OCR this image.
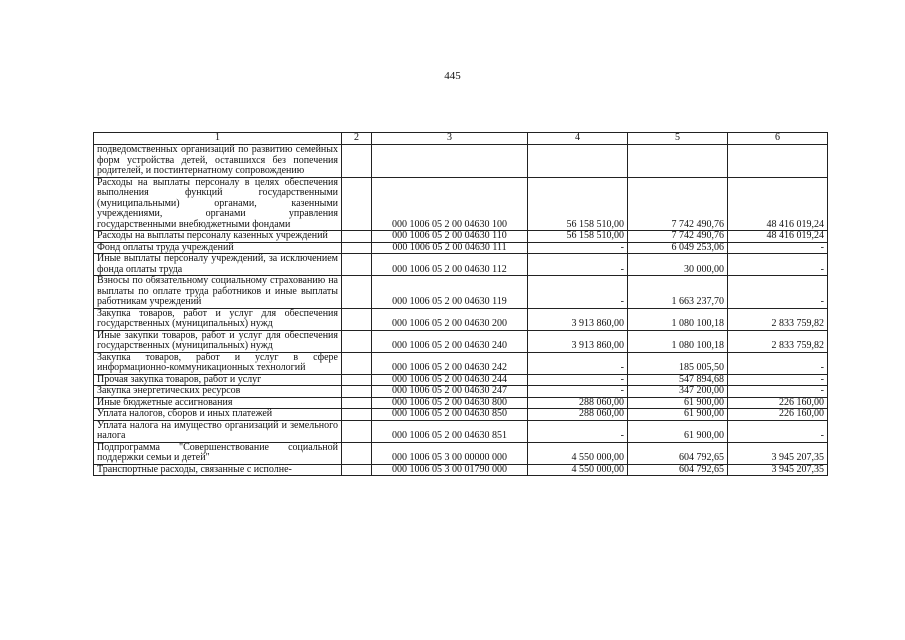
445
1	2	3	4	5	6
подведомственных организаций по развитию семейных форм устройства детей, оставшихся без попечения родителей, и постинтернатному сопровождению					
Расходы на выплаты персоналу в целях обеспечения выполнения функций государственными (муниципальными) органами, казенными учреждениями, органами управления государственными внебюджетными фондами		000 1006 05 2 00 04630 100	56 158 510,00	7 742 490,76	48 416 019,24
Расходы на выплаты персоналу казенных учреждений		000 1006 05 2 00 04630 110	56 158 510,00	7 742 490,76	48 416 019,24
Фонд оплаты труда учреждений		000 1006 05 2 00 04630 111	-	6 049 253,06	-
Иные выплаты персоналу учреждений, за исключением фонда оплаты труда		000 1006 05 2 00 04630 112	-	30 000,00	-
Взносы по обязательному социальному страхованию на выплаты по оплате труда работников и иные выплаты работникам учреждений		000 1006 05 2 00 04630 119	-	1 663 237,70	-
Закупка товаров, работ и услуг для обеспечения государственных (муниципальных) нужд		000 1006 05 2 00 04630 200	3 913 860,00	1 080 100,18	2 833 759,82
Иные закупки товаров, работ и услуг для обеспечения государственных (муниципальных) нужд		000 1006 05 2 00 04630 240	3 913 860,00	1 080 100,18	2 833 759,82
Закупка товаров, работ и услуг в сфере информационно-коммуникационных технологий		000 1006 05 2 00 04630 242	-	185 005,50	-
Прочая закупка товаров, работ и услуг		000 1006 05 2 00 04630 244	-	547 894,68	-
Закупка энергетических ресурсов		000 1006 05 2 00 04630 247	-	347 200,00	-
Иные бюджетные ассигнования		000 1006 05 2 00 04630 800	288 060,00	61 900,00	226 160,00
Уплата налогов, сборов и иных платежей		000 1006 05 2 00 04630 850	288 060,00	61 900,00	226 160,00
Уплата налога на имущество организаций и земельного налога		000 1006 05 2 00 04630 851	-	61 900,00	-
Подпрограмма "Совершенствование социальной поддержки семьи и детей"		000 1006 05 3 00 00000 000	4 550 000,00	604 792,65	3 945 207,35
Транспортные расходы, связанные с исполне-		000 1006 05 3 00 01790 000	4 550 000,00	604 792,65	3 945 207,35
